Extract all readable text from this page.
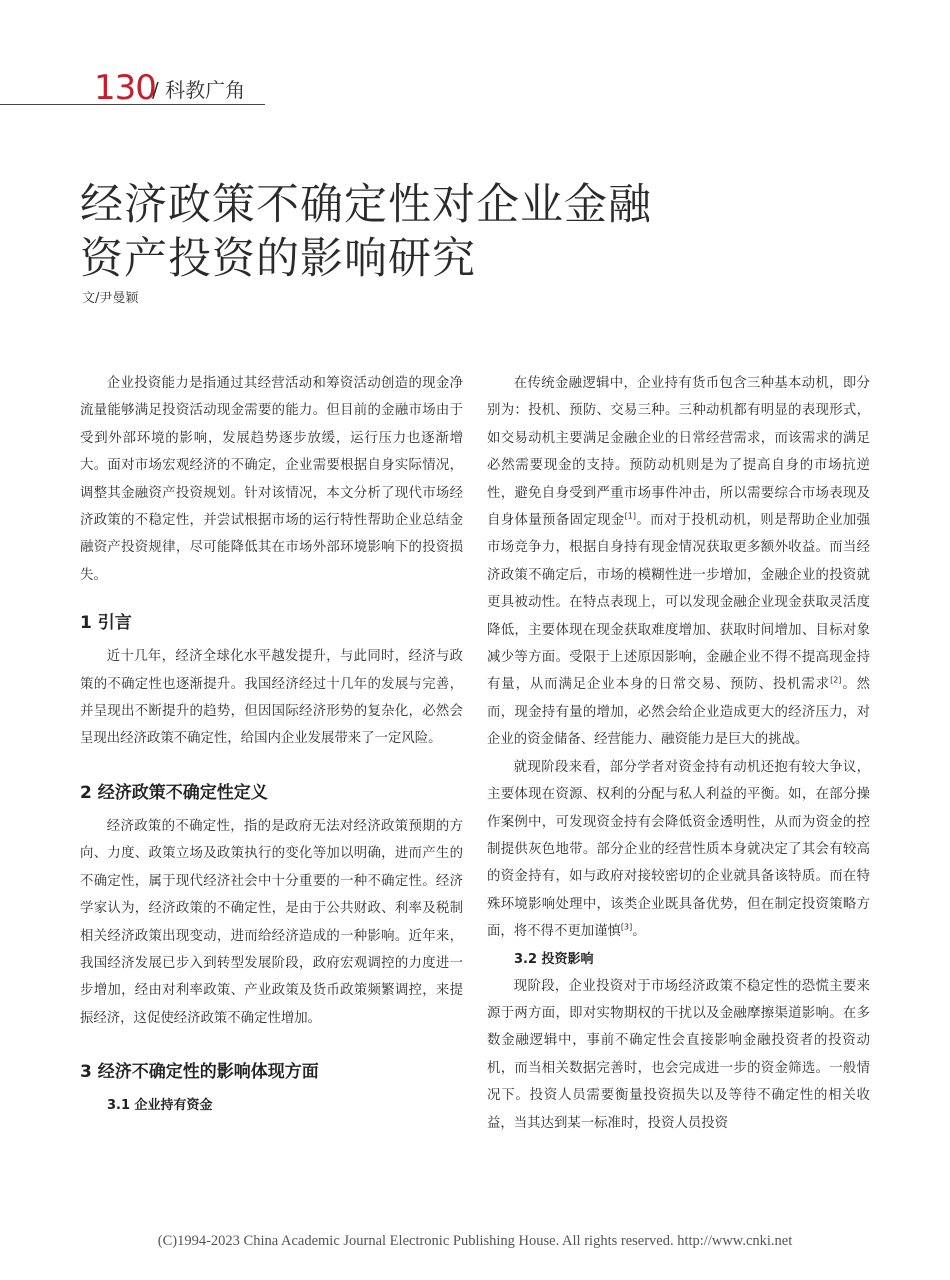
130
/ 科教广角
经济政策不确定性对企业金融
资产投资的影响研究
文/尹曼颖

企业投资能力是指通过其经营活动和筹资活动创造的现金净流量能够满足投资活动现金需要的能力。但目前的金融市场由于受到外部环境的影响，发展趋势逐步放缓，运行压力也逐渐增大。面对市场宏观经济的不确定，企业需要根据自身实际情况，调整其金融资产投资规划。针对该情况，本文分析了现代市场经济政策的不稳定性，并尝试根据市场的运行特性帮助企业总结金融资产投资规律，尽可能降低其在市场外部环境影响下的投资损失。

1 引言

近十几年，经济全球化水平越发提升，与此同时，经济与政策的不确定性也逐渐提升。我国经济经过十几年的发展与完善，并呈现出不断提升的趋势，但因国际经济形势的复杂化，必然会呈现出经济政策不确定性，给国内企业发展带来了一定风险。

2 经济政策不确定性定义

经济政策的不确定性，指的是政府无法对经济政策预期的方向、力度、政策立场及政策执行的变化等加以明确，进而产生的不确定性，属于现代经济社会中十分重要的一种不确定性。经济学家认为，经济政策的不确定性，是由于公共财政、利率及税制相关经济政策出现变动，进而给经济造成的一种影响。近年来，我国经济发展已步入到转型发展阶段，政府宏观调控的力度进一步增加，经由对利率政策、产业政策及货币政策频繁调控，来提振经济，这促使经济政策不确定性增加。

3 经济不确定性的影响体现方面
3.1 企业持有资金

在传统金融逻辑中，企业持有货币包含三种基本动机，即分别为：投机、预防、交易三种。三种动机都有明显的表现形式，如交易动机主要满足金融企业的日常经营需求，而该需求的满足必然需要现金的支持。预防动机则是为了提高自身的市场抗逆性，避免自身受到严重市场事件冲击，所以需要综合市场表现及自身体量预备固定现金[1]。而对于投机动机，则是帮助企业加强市场竞争力，根据自身持有现金情况获取更多额外收益。而当经济政策不确定后，市场的模糊性进一步增加，金融企业的投资就更具被动性。在特点表现上，可以发现金融企业现金获取灵活度降低，主要体现在现金获取难度增加、获取时间增加、目标对象减少等方面。受限于上述原因影响，金融企业不得不提高现金持有量，从而满足企业本身的日常交易、预防、投机需求[2]。然而，现金持有量的增加，必然会给企业造成更大的经济压力，对企业的资金储备、经营能力、融资能力是巨大的挑战。

就现阶段来看，部分学者对资金持有动机还抱有较大争议，主要体现在资源、权利的分配与私人利益的平衡。如，在部分操作案例中，可发现资金持有会降低资金透明性，从而为资金的控制提供灰色地带。部分企业的经营性质本身就决定了其会有较高的资金持有，如与政府对接较密切的企业就具备该特质。而在特殊环境影响处理中，该类企业既具备优势，但在制定投资策略方面，将不得不更加谨慎[3]。

3.2 投资影响

现阶段，企业投资对于市场经济政策不稳定性的恐慌主要来源于两方面，即对实物期权的干扰以及金融摩擦渠道影响。在多数金融逻辑中，事前不确定性会直接影响金融投资者的投资动机，而当相关数据完善时，也会完成进一步的资金筛选。一般情况下。投资人员需要衡量投资损失以及等待不确定性的相关收益，当其达到某一标准时，投资人员投资

(C)1994-2023 China Academic Journal Electronic Publishing House. All rights reserved. http://www.cnki.net
